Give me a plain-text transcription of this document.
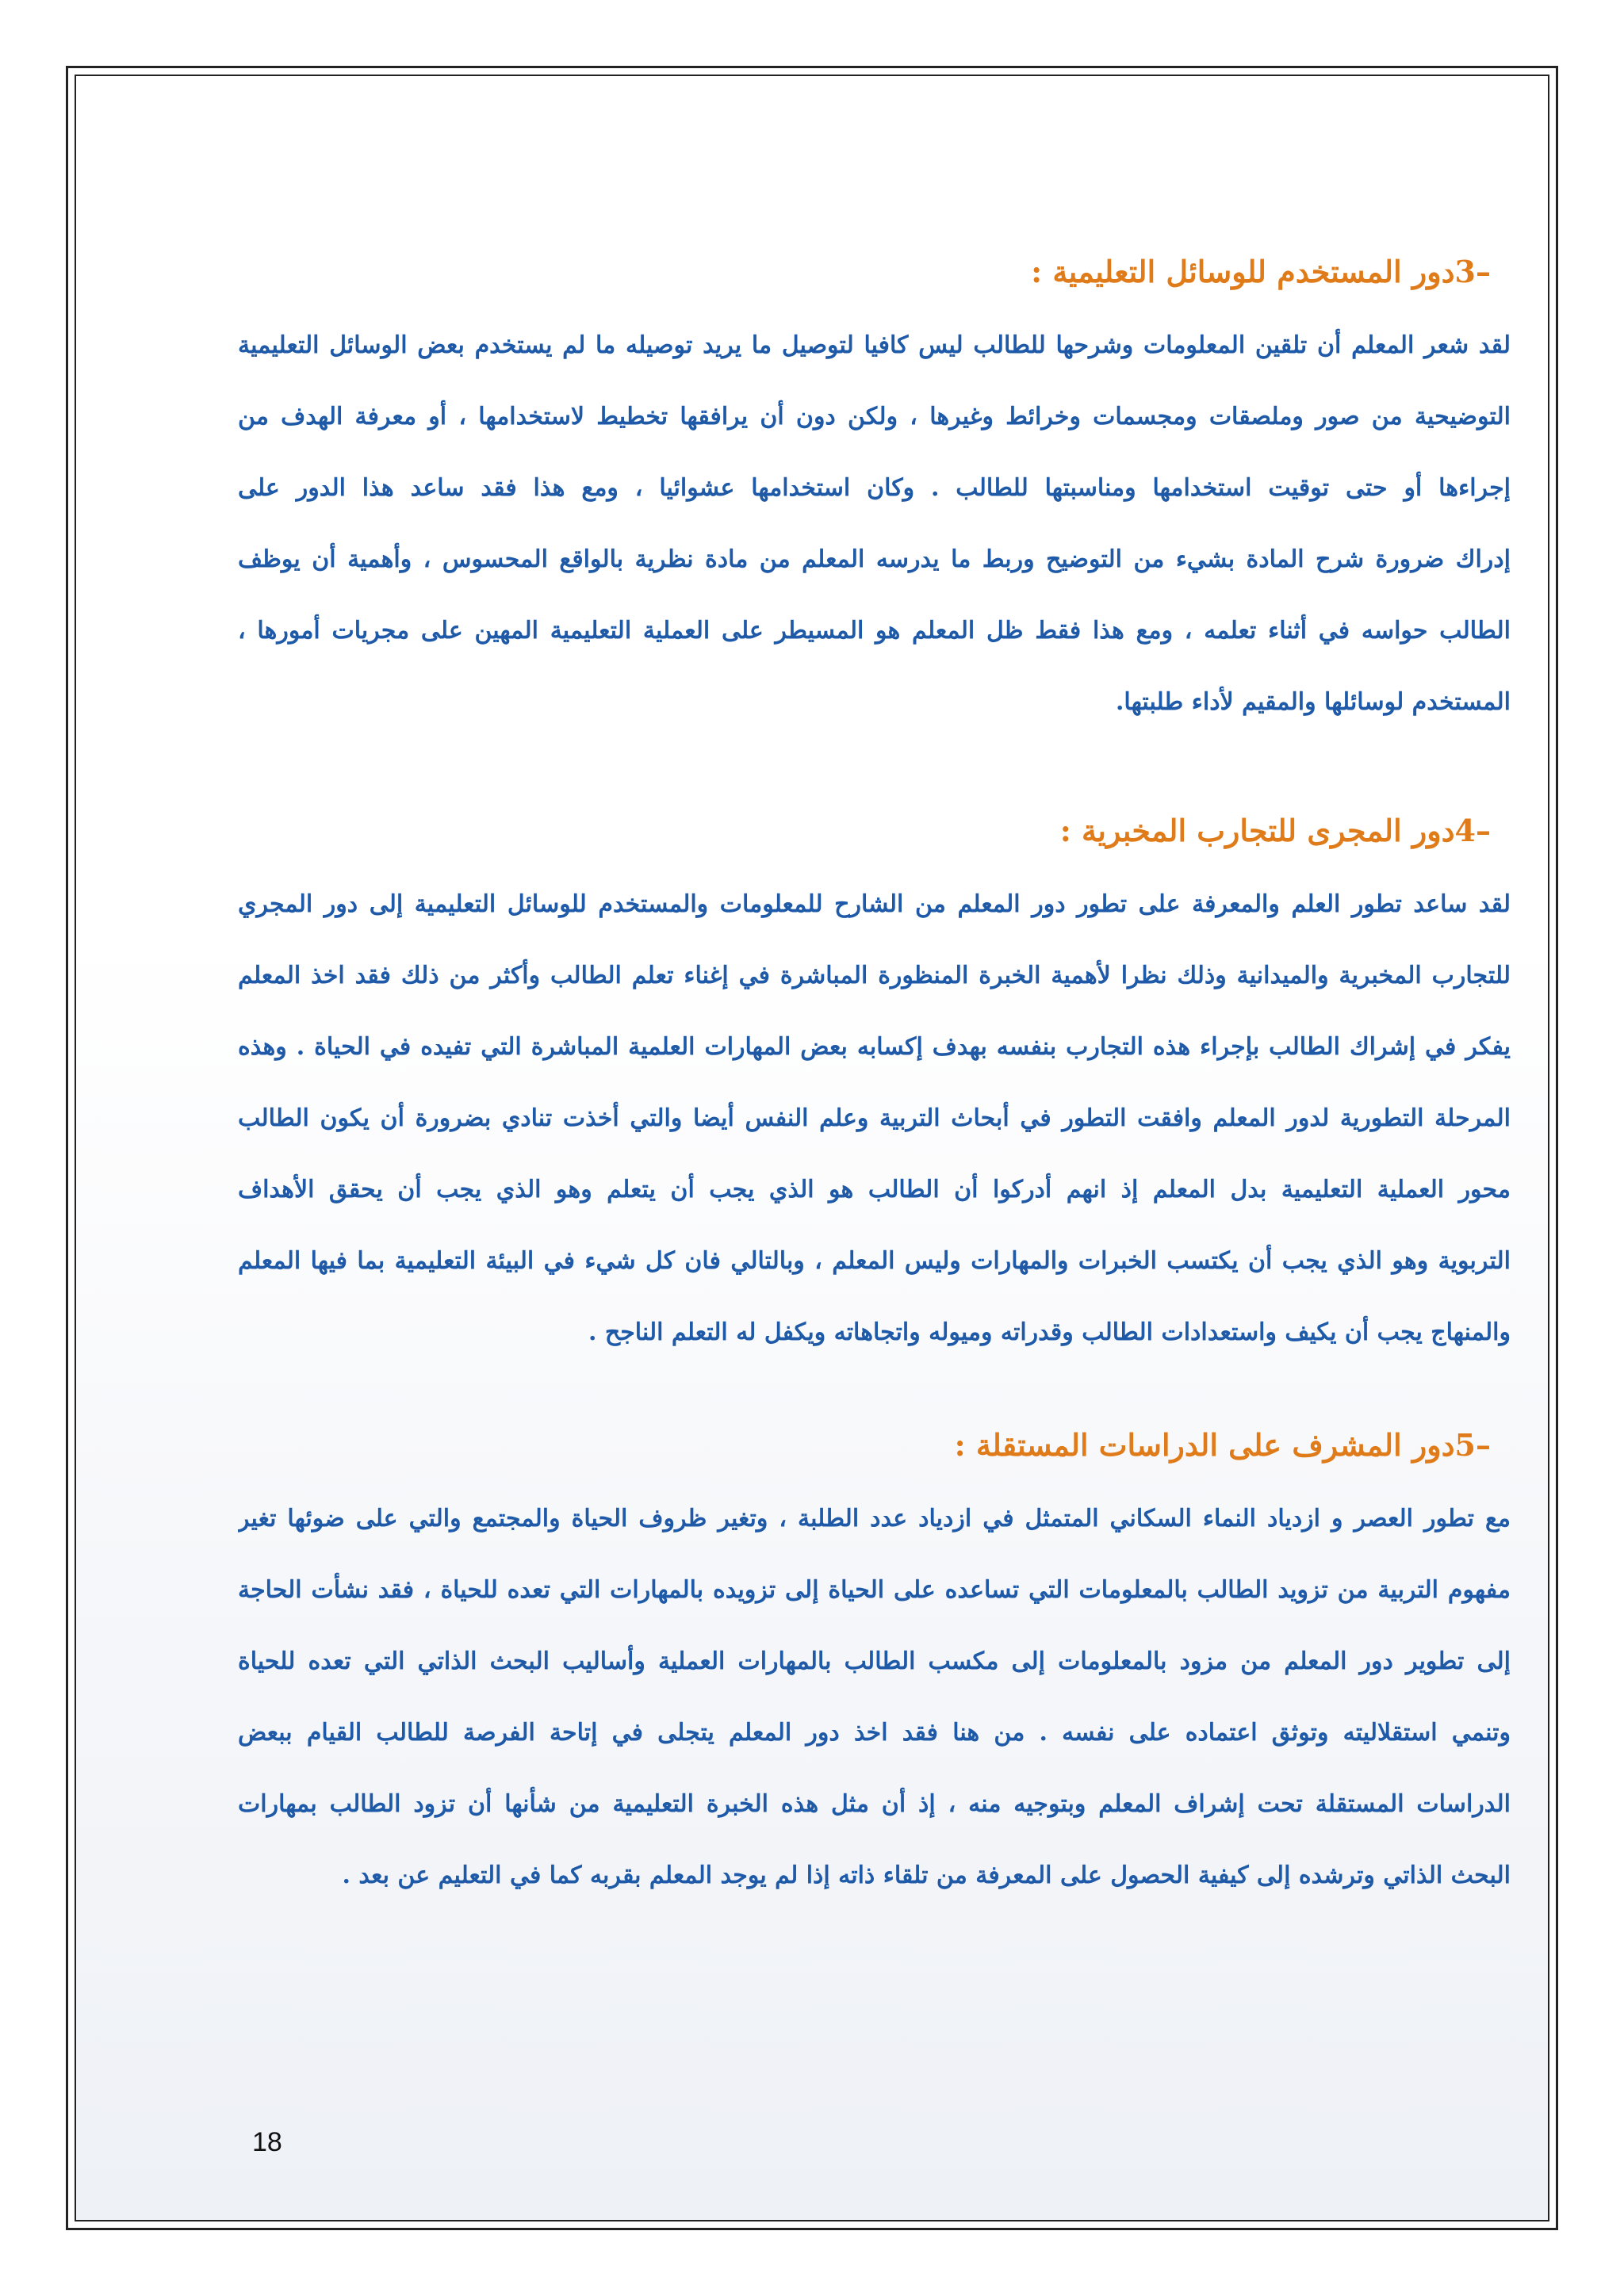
–3دور المستخدم للوسائل التعليمية :
لقد شعر المعلم أن تلقين المعلومات وشرحها للطالب ليس كافيا لتوصيل ما يريد توصيله ما لم يستخدم بعض الوسائل التعليمية
التوضيحية من صور وملصقات ومجسمات وخرائط وغيرها ، ولكن دون أن يرافقها تخطيط لاستخدامها ، أو معرفة الهدف من
إجراءها أو حتى توقيت استخدامها ومناسبتها للطالب . وكان استخدامها عشوائيا ، ومع هذا فقد ساعد هذا الدور على
إدراك ضرورة شرح المادة بشيء من التوضيح وربط ما يدرسه المعلم من مادة نظرية بالواقع المحسوس ، وأهمية أن يوظف
الطالب حواسه في أثناء تعلمه ، ومع هذا فقط ظل المعلم هو المسيطر على العملية التعليمية المهين على مجريات أمورها ،
المستخدم لوسائلها والمقيم لأداء طلبتها.
–4دور المجرى للتجارب المخبرية :
لقد ساعد تطور العلم والمعرفة على تطور دور المعلم من الشارح للمعلومات والمستخدم للوسائل التعليمية إلى دور المجري
للتجارب المخبرية والميدانية وذلك نظرا لأهمية الخبرة المنظورة المباشرة في إغناء تعلم الطالب وأكثر من ذلك فقد اخذ المعلم
يفكر في إشراك الطالب بإجراء هذه التجارب بنفسه بهدف إكسابه بعض المهارات العلمية المباشرة التي تفيده في الحياة . وهذه
المرحلة التطورية لدور المعلم وافقت التطور في أبحاث التربية وعلم النفس أيضا والتي أخذت تنادي بضرورة أن يكون الطالب
محور العملية التعليمية بدل المعلم إذ انهم أدركوا أن الطالب هو الذي يجب أن يتعلم وهو الذي يجب أن يحقق الأهداف
التربوية وهو الذي يجب أن يكتسب الخبرات والمهارات وليس المعلم ، وبالتالي فان كل شيء في البيئة التعليمية بما فيها المعلم
والمنهاج يجب أن يكيف واستعدادات الطالب وقدراته وميوله واتجاهاته ويكفل له التعلم الناجح .
–5دور المشرف على الدراسات المستقلة :
مع تطور العصر و ازدياد النماء السكاني المتمثل في ازدياد عدد الطلبة ، وتغير ظروف الحياة والمجتمع والتي على ضوئها تغير
مفهوم التربية من تزويد الطالب بالمعلومات التي تساعده على الحياة إلى تزويده بالمهارات التي تعده للحياة ، فقد نشأت الحاجة
إلى تطوير دور المعلم من مزود بالمعلومات إلى مكسب الطالب بالمهارات العملية وأساليب البحث الذاتي التي تعده للحياة
وتنمي استقلاليته وتوثق اعتماده على نفسه . من هنا فقد اخذ دور المعلم يتجلى في إتاحة الفرصة للطالب القيام ببعض
الدراسات المستقلة تحت إشراف المعلم وبتوجيه منه ، إذ أن مثل هذه الخبرة التعليمية من شأنها أن تزود الطالب بمهارات
البحث الذاتي وترشده إلى كيفية الحصول على المعرفة من تلقاء ذاته إذا لم يوجد المعلم بقربه كما في التعليم عن بعد .
18
